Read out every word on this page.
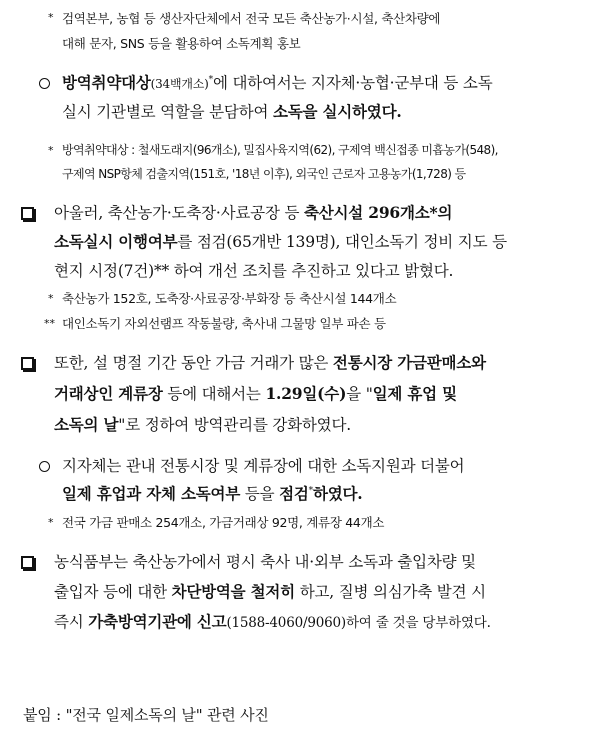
* 검역본부, 농협 등 생산자단체에서 전국 모든 축산농가·시설, 축산차량에
대해 문자, SNS 등을 활용하여 소독계획 홍보
방역취약대상(34백개소)*에 대하여서는 지자체·농협·군부대 등 소독
실시 기관별로 역할을 분담하여 소독을 실시하였다.
* 방역취약대상 : 철새도래지(96개소), 밀집사육지역(62), 구제역 백신접종 미흡농가(548),
구제역 NSP항체 검출지역(151호, '18년 이후), 외국인 근로자 고용농가(1,728) 등
아울러, 축산농가·도축장·사료공장 등 축산시설 296개소*의
소독실시 이행여부를 점검(65개반 139명), 대인소독기 정비 지도 등
현지 시정(7건)** 하여 개선 조치를 추진하고 있다고 밝혔다.
* 축산농가 152호, 도축장·사료공장·부화장 등 축산시설 144개소
** 대인소독기 자외선램프 작동불량, 축사내 그물망 일부 파손 등
또한, 설 명절 기간 동안 가금 거래가 많은 전통시장 가금판매소와
거래상인 계류장 등에 대해서는 1.29일(수)을 "일제 휴업 및
소독의 날"로 정하여 방역관리를 강화하였다.
지자체는 관내 전통시장 및 계류장에 대한 소독지원과 더불어
일제 휴업과 자체 소독여부 등을 점검*하였다.
* 전국 가금 판매소 254개소, 가금거래상 92명, 계류장 44개소
농식품부는 축산농가에서 평시 축사 내·외부 소독과 출입차량 및
출입자 등에 대한 차단방역을 철저히 하고, 질병 의심가축 발견 시
즉시 가축방역기관에 신고(1588-4060/9060)하여 줄 것을 당부하였다.
붙임 : "전국 일제소독의 날" 관련 사진
